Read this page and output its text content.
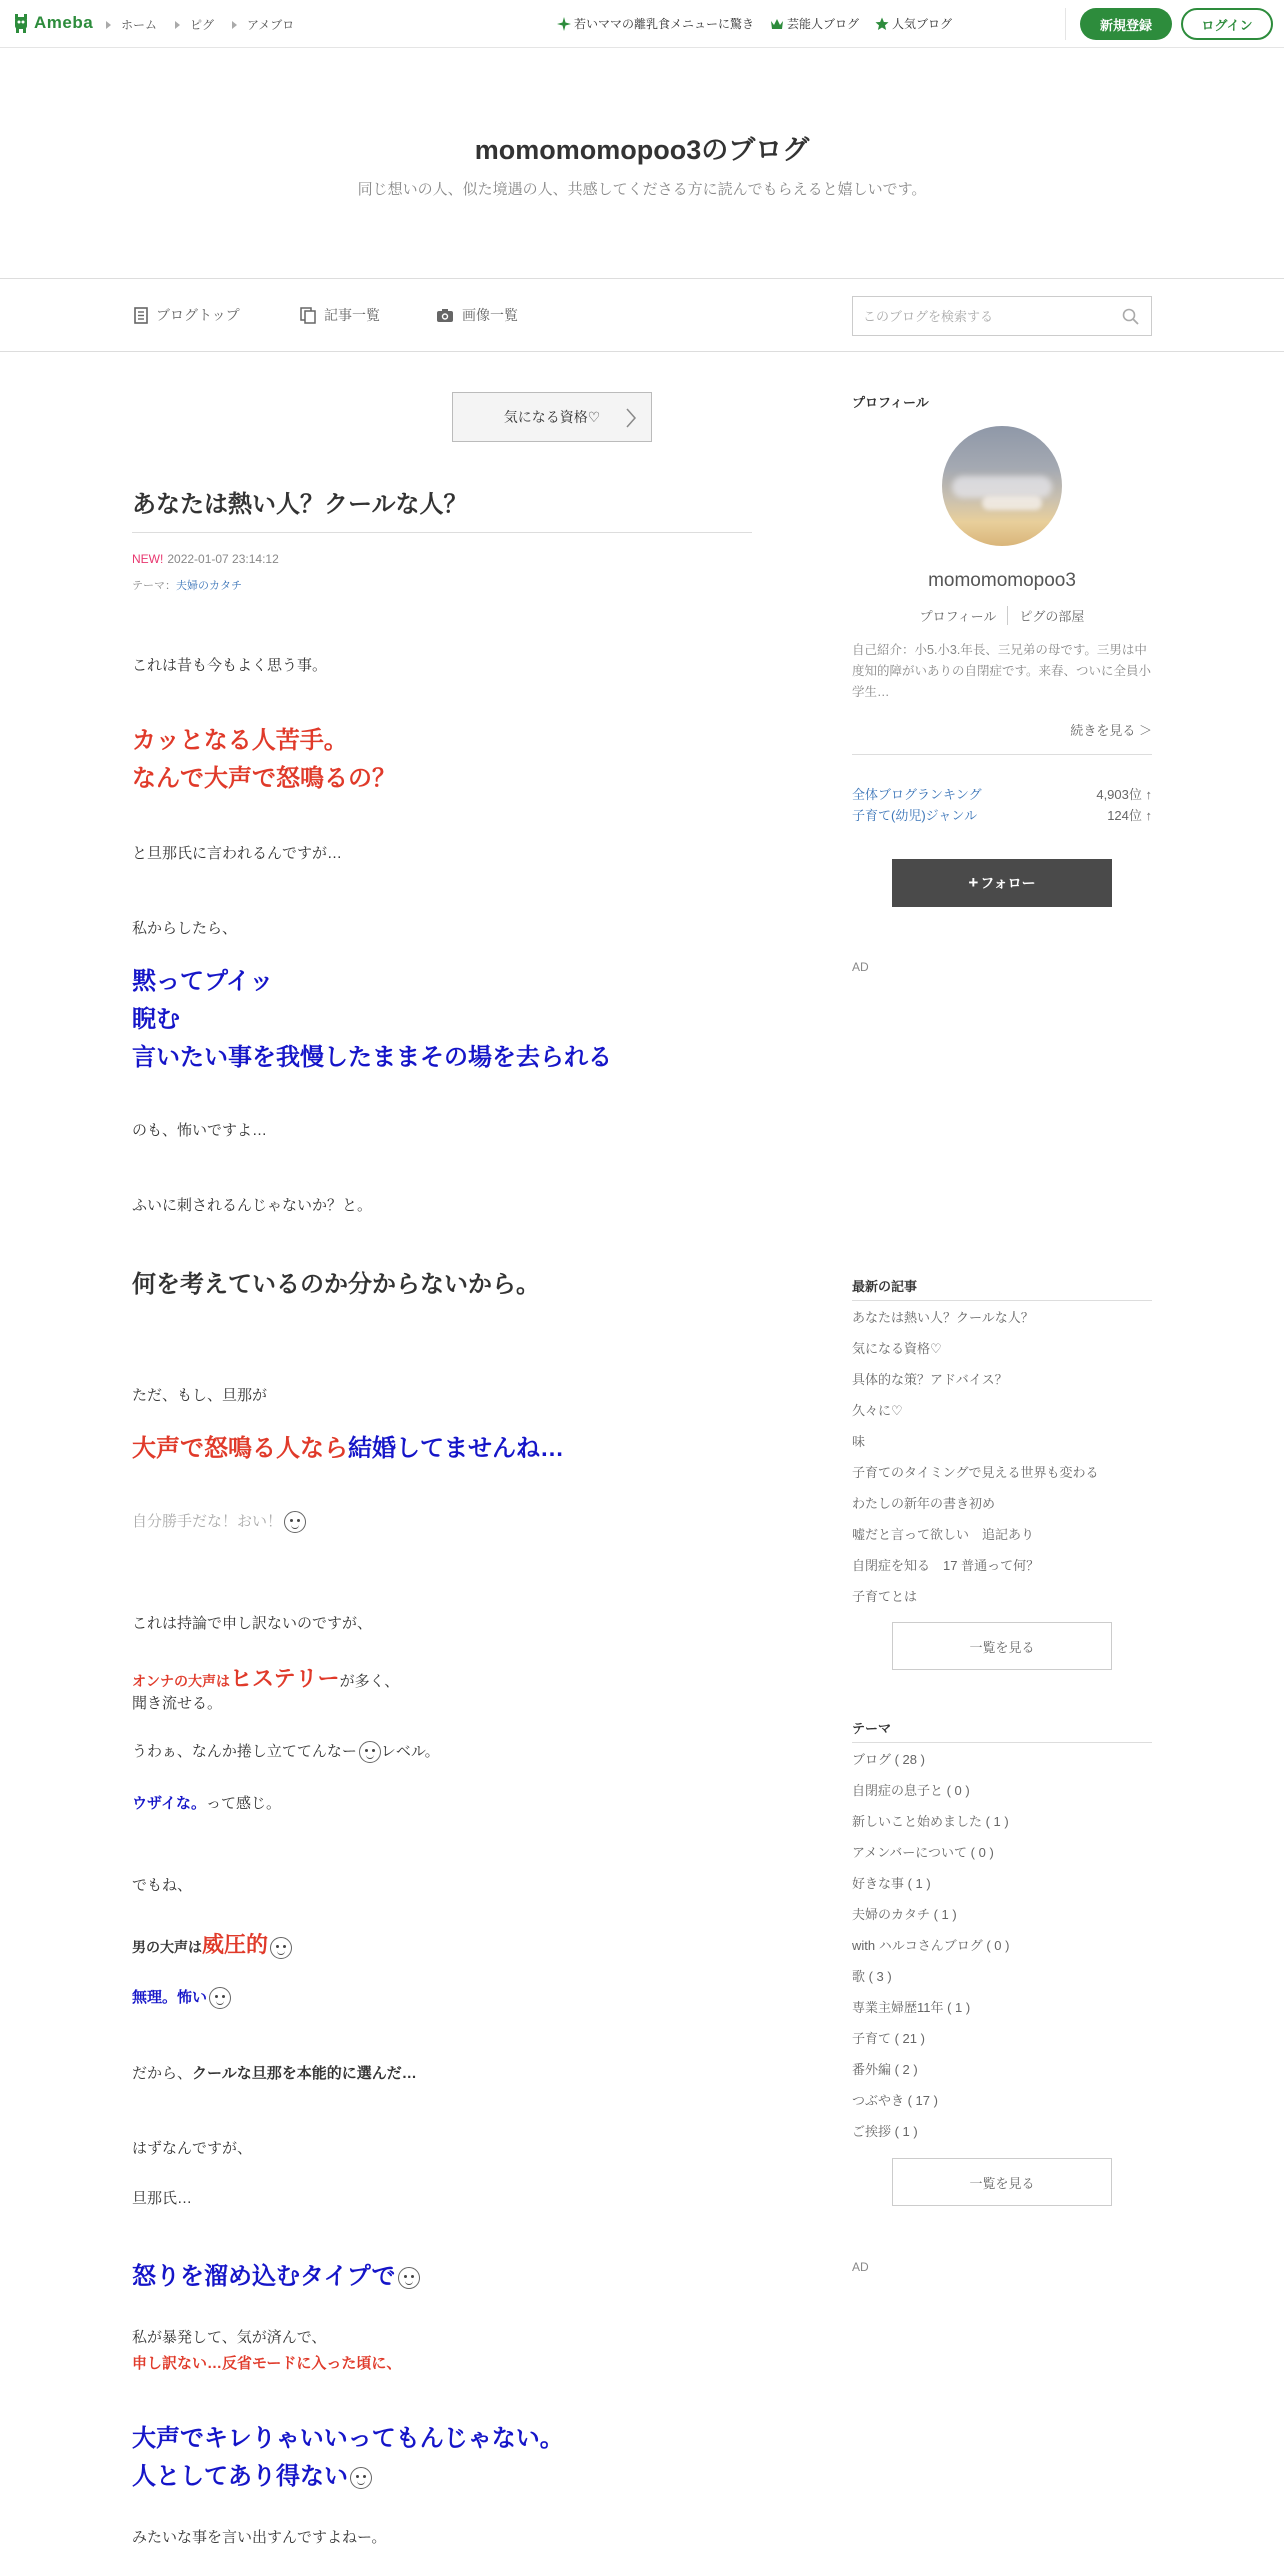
Ameba ホーム	ピグ	アメブロ	若いママの離乳食メニューに驚き	芸能人ブログ	人気ブログ	新規登録	ログイン
momomomopoo3のブログ
同じ想いの人、似た境遇の人、共感してくださる方に読んでもらえると嬉しいです。
ブログトップ	記事一覧	画像一覧
このブログを検索する
気になる資格♡
あなたは熱い人？クールな人？
NEW! 2022-01-07 23:14:12
テーマ：夫婦のカタチ
これは昔も今もよく思う事。
カッとなる人苦手。
なんで大声で怒鳴るの？
と旦那氏に言われるんですが…
私からしたら、
黙ってプイッ
睨む
言いたい事を我慢したままその場を去られる
のも、怖いですよ…
ふいに刺されるんじゃないか？と。
何を考えているのか分からないから。
ただ、もし、旦那が
大声で怒鳴る人なら結婚してませんね…
自分勝手だな！おい！
これは持論で申し訳ないのですが、
オンナの大声はヒステリーが多く、
聞き流せる。
うわぁ、なんか捲し立ててんなー レベル。
ウザイな。って感じ。
でもね、
男の大声は威圧的
無理。怖い
だから、クールな旦那を本能的に選んだ…
はずなんですが、
旦那氏…
怒りを溜め込むタイプで
私が暴発して、気が済んで、
申し訳ない…反省モードに入った頃に、
大声でキレりゃいいってもんじゃない。
人としてあり得ない
みたいな事を言い出すんですよねー。
プロフィール
momomomopoo3
プロフィール	ピグの部屋
自己紹介：小5.小3.年長、三兄弟の母です。三男は中度知的障がいありの自閉症です。来春、ついに全員小学生…
続きを見る ＞
全体ブログランキング	4,903位 ↑
子育て(幼児)ジャンル	124位 ↑
+ フォロー
AD
最新の記事
あなたは熱い人？クールな人？
気になる資格♡
具体的な策？アドバイス？
久々に♡
味
子育てのタイミングで見える世界も変わる
わたしの新年の書き初め
嘘だと言って欲しい　追記あり
自閉症を知る　17 普通って何？
子育てとは
一覧を見る
テーマ
ブログ ( 28 )
自閉症の息子と ( 0 )
新しいこと始めました ( 1 )
アメンバーについて ( 0 )
好きな事 ( 1 )
夫婦のカタチ ( 1 )
with ハルコさんブログ ( 0 )
歌 ( 3 )
専業主婦歴11年 ( 1 )
子育て ( 21 )
番外編 ( 2 )
つぶやき ( 17 )
ご挨拶 ( 1 )
一覧を見る
AD
